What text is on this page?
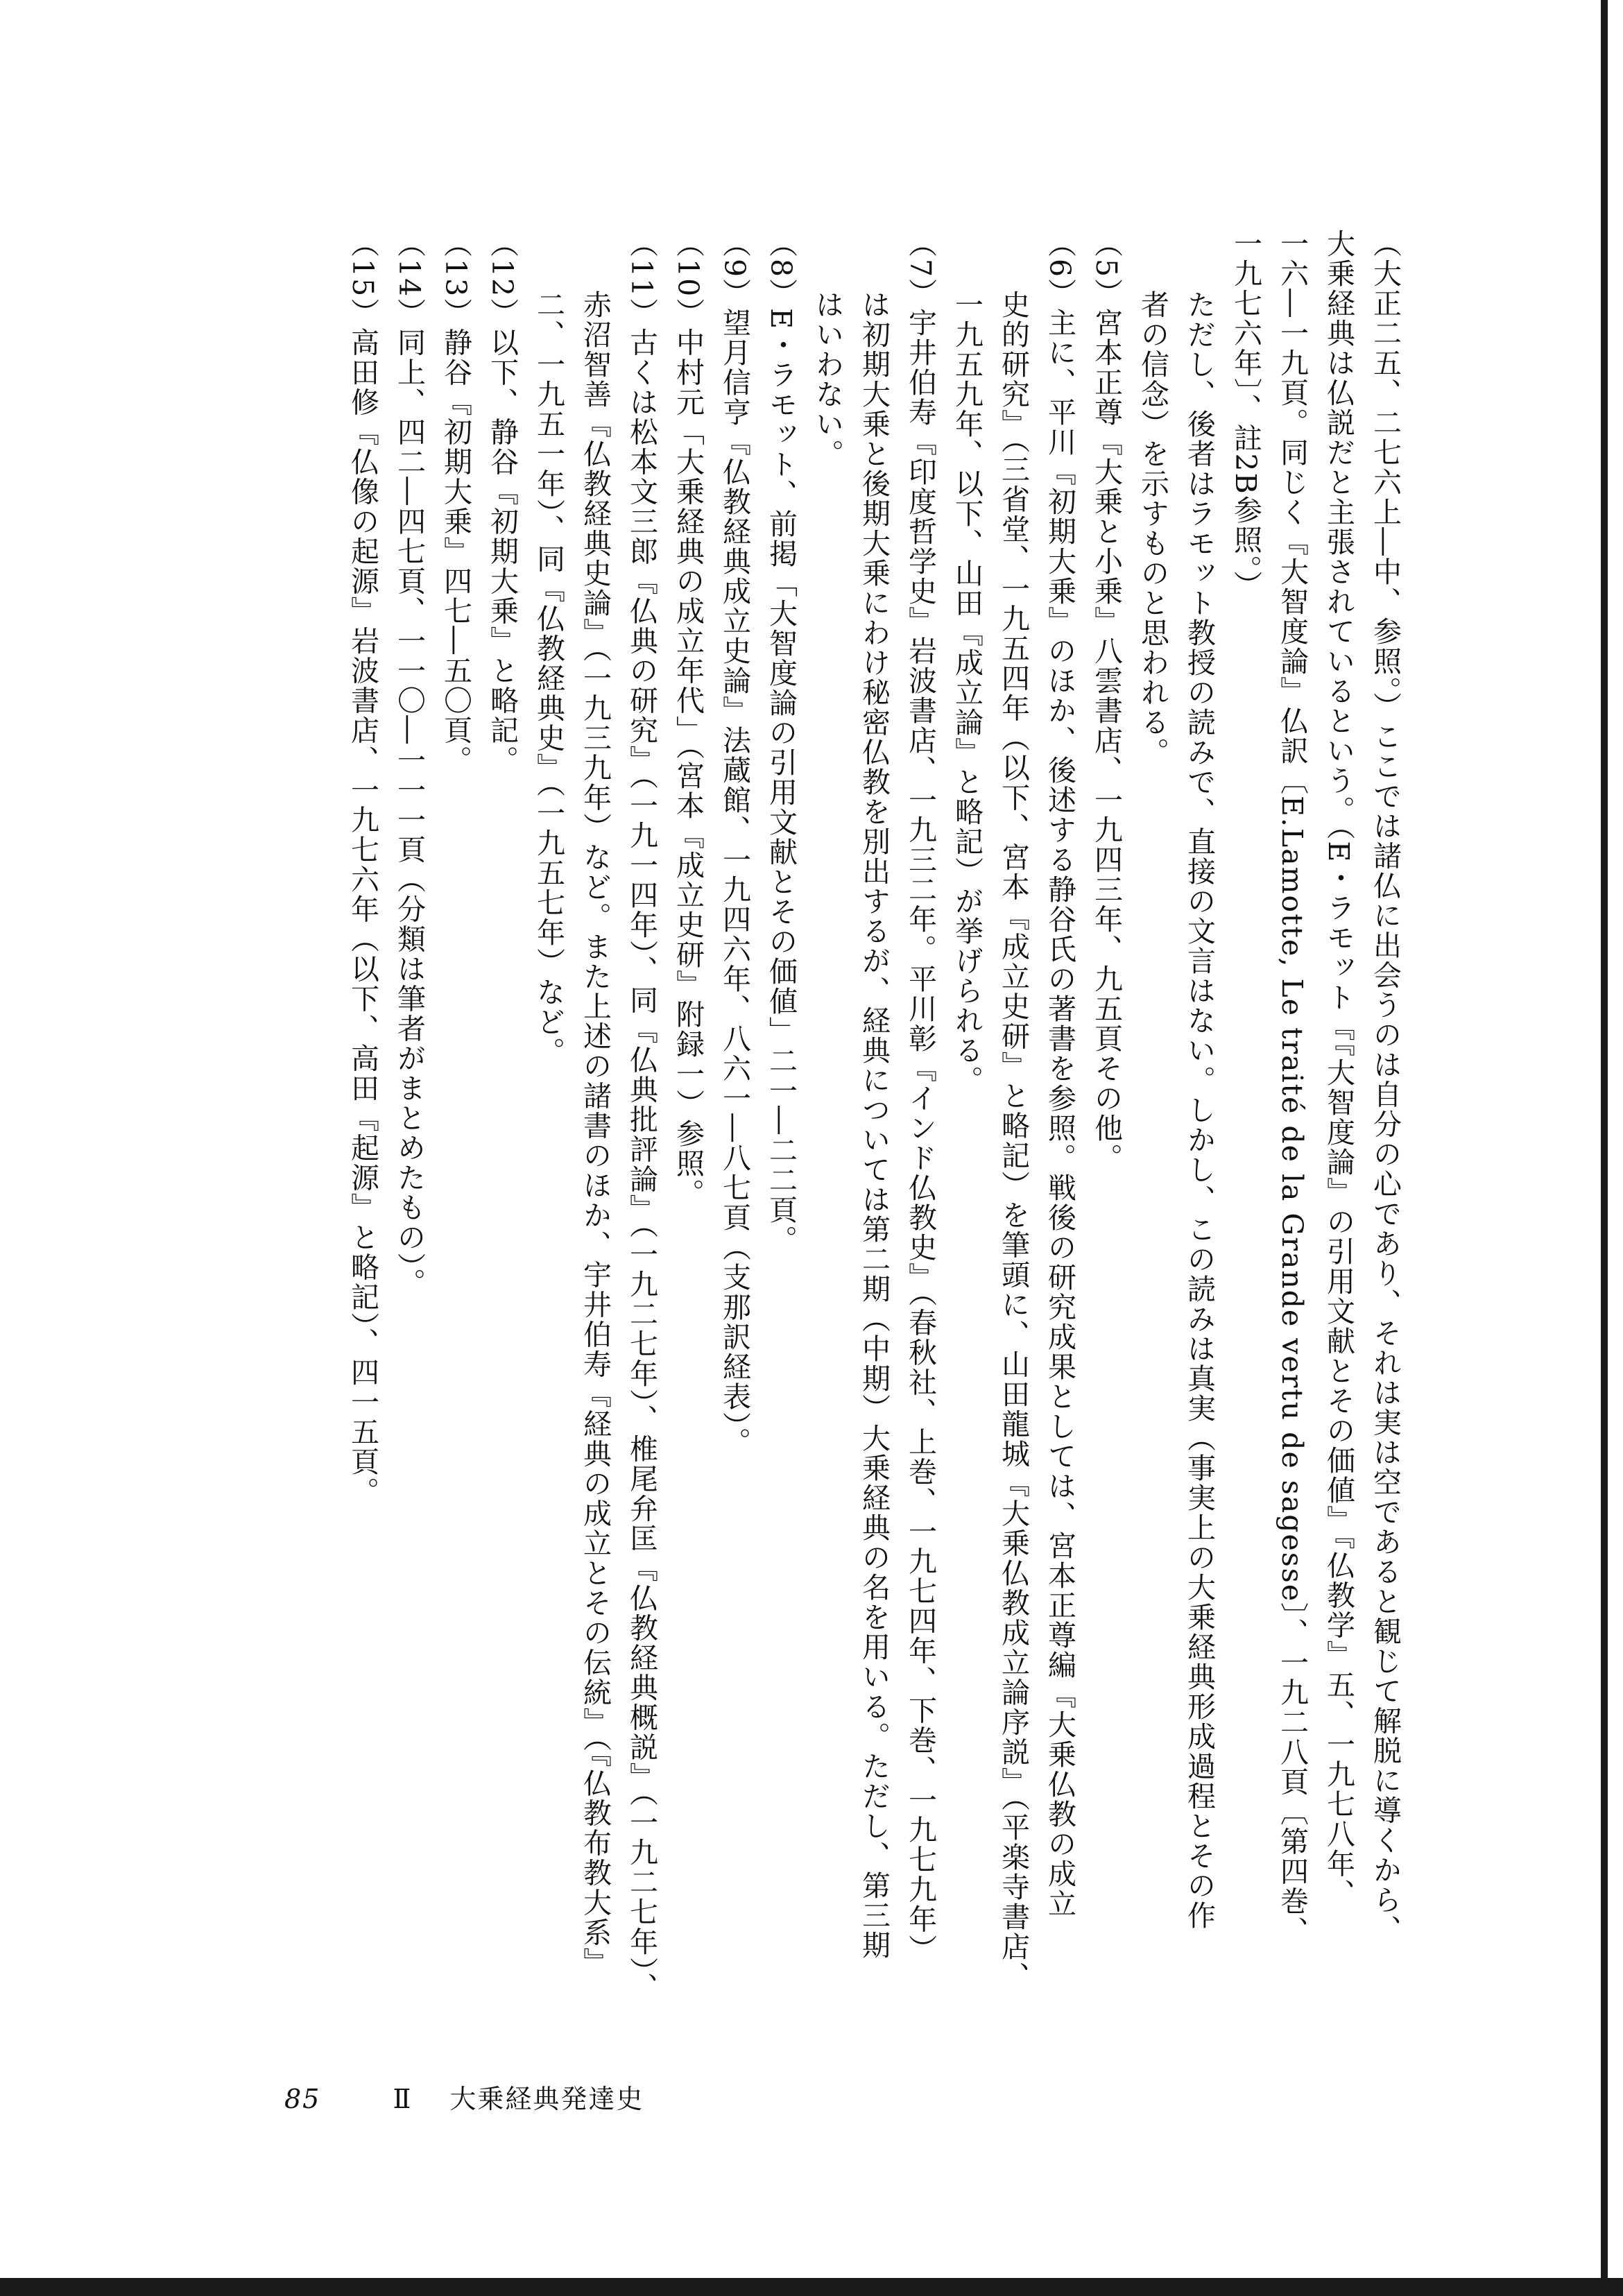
（大正二五、二七六上―中、参照。）ここでは諸仏に出会うのは自分の心であり、それは実は空であると観じて解脱に導くから、
大乗経典は仏説だと主張されているという。（E・ラモット『『大智度論』の引用文献とその価値』『仏教学』五、一九七八年、
一六―一九頁。同じく『大智度論』仏訳〔E.Lamotte, Le traité de la Grande vertu de sagesse〕、一九二八頁〔第四巻、
一九七六年〕、註2B参照。）
ただし、後者はラモット教授の読みで、直接の文言はない。しかし、この読みは真実（事実上の大乗経典形成過程とその作
者の信念）を示すものと思われる。
（5）宮本正尊『大乗と小乗』八雲書店、一九四三年、九五頁その他。
（6）主に、平川『初期大乗』のほか、後述する静谷氏の著書を参照。戦後の研究成果としては、宮本正尊編『大乗仏教の成立
史的研究』（三省堂、一九五四年（以下、宮本『成立史研』と略記）を筆頭に、山田龍城『大乗仏教成立論序説』（平楽寺書店、
一九五九年、以下、山田『成立論』と略記）が挙げられる。
（7）宇井伯寿『印度哲学史』岩波書店、一九三二年。平川彰『インド仏教史』（春秋社、上巻、一九七四年、下巻、一九七九年）
は初期大乗と後期大乗にわけ秘密仏教を別出するが、経典については第二期（中期）大乗経典の名を用いる。ただし、第三期
はいわない。
（8）E・ラモット、前掲「大智度論の引用文献とその価値」二一―二二頁。
（9）望月信亨『仏教経典成立史論』法蔵館、一九四六年、八六一―八七頁（支那訳経表）。
（10）中村元「大乗経典の成立年代」（宮本『成立史研』附録一）参照。
（11）古くは松本文三郎『仏典の研究』（一九一四年）、同『仏典批評論』（一九二七年）、椎尾弁匡『仏教経典概説』（一九二七年）、
赤沼智善『仏教経典史論』（一九三九年）など。また上述の諸書のほか、宇井伯寿『経典の成立とその伝統』（『仏教布教大系』
二、一九五一年）、同『仏教経典史』（一九五七年）など。
（12）以下、静谷『初期大乗』と略記。
（13）静谷『初期大乗』四七―五〇頁。
（14）同上、四二―四七頁、一一〇―一一一頁（分類は筆者がまとめたもの）。
（15）高田修『仏像の起源』岩波書店、一九七六年（以下、高田『起源』と略記）、四一五頁。
85	Ⅱ 大乗経典発達史
